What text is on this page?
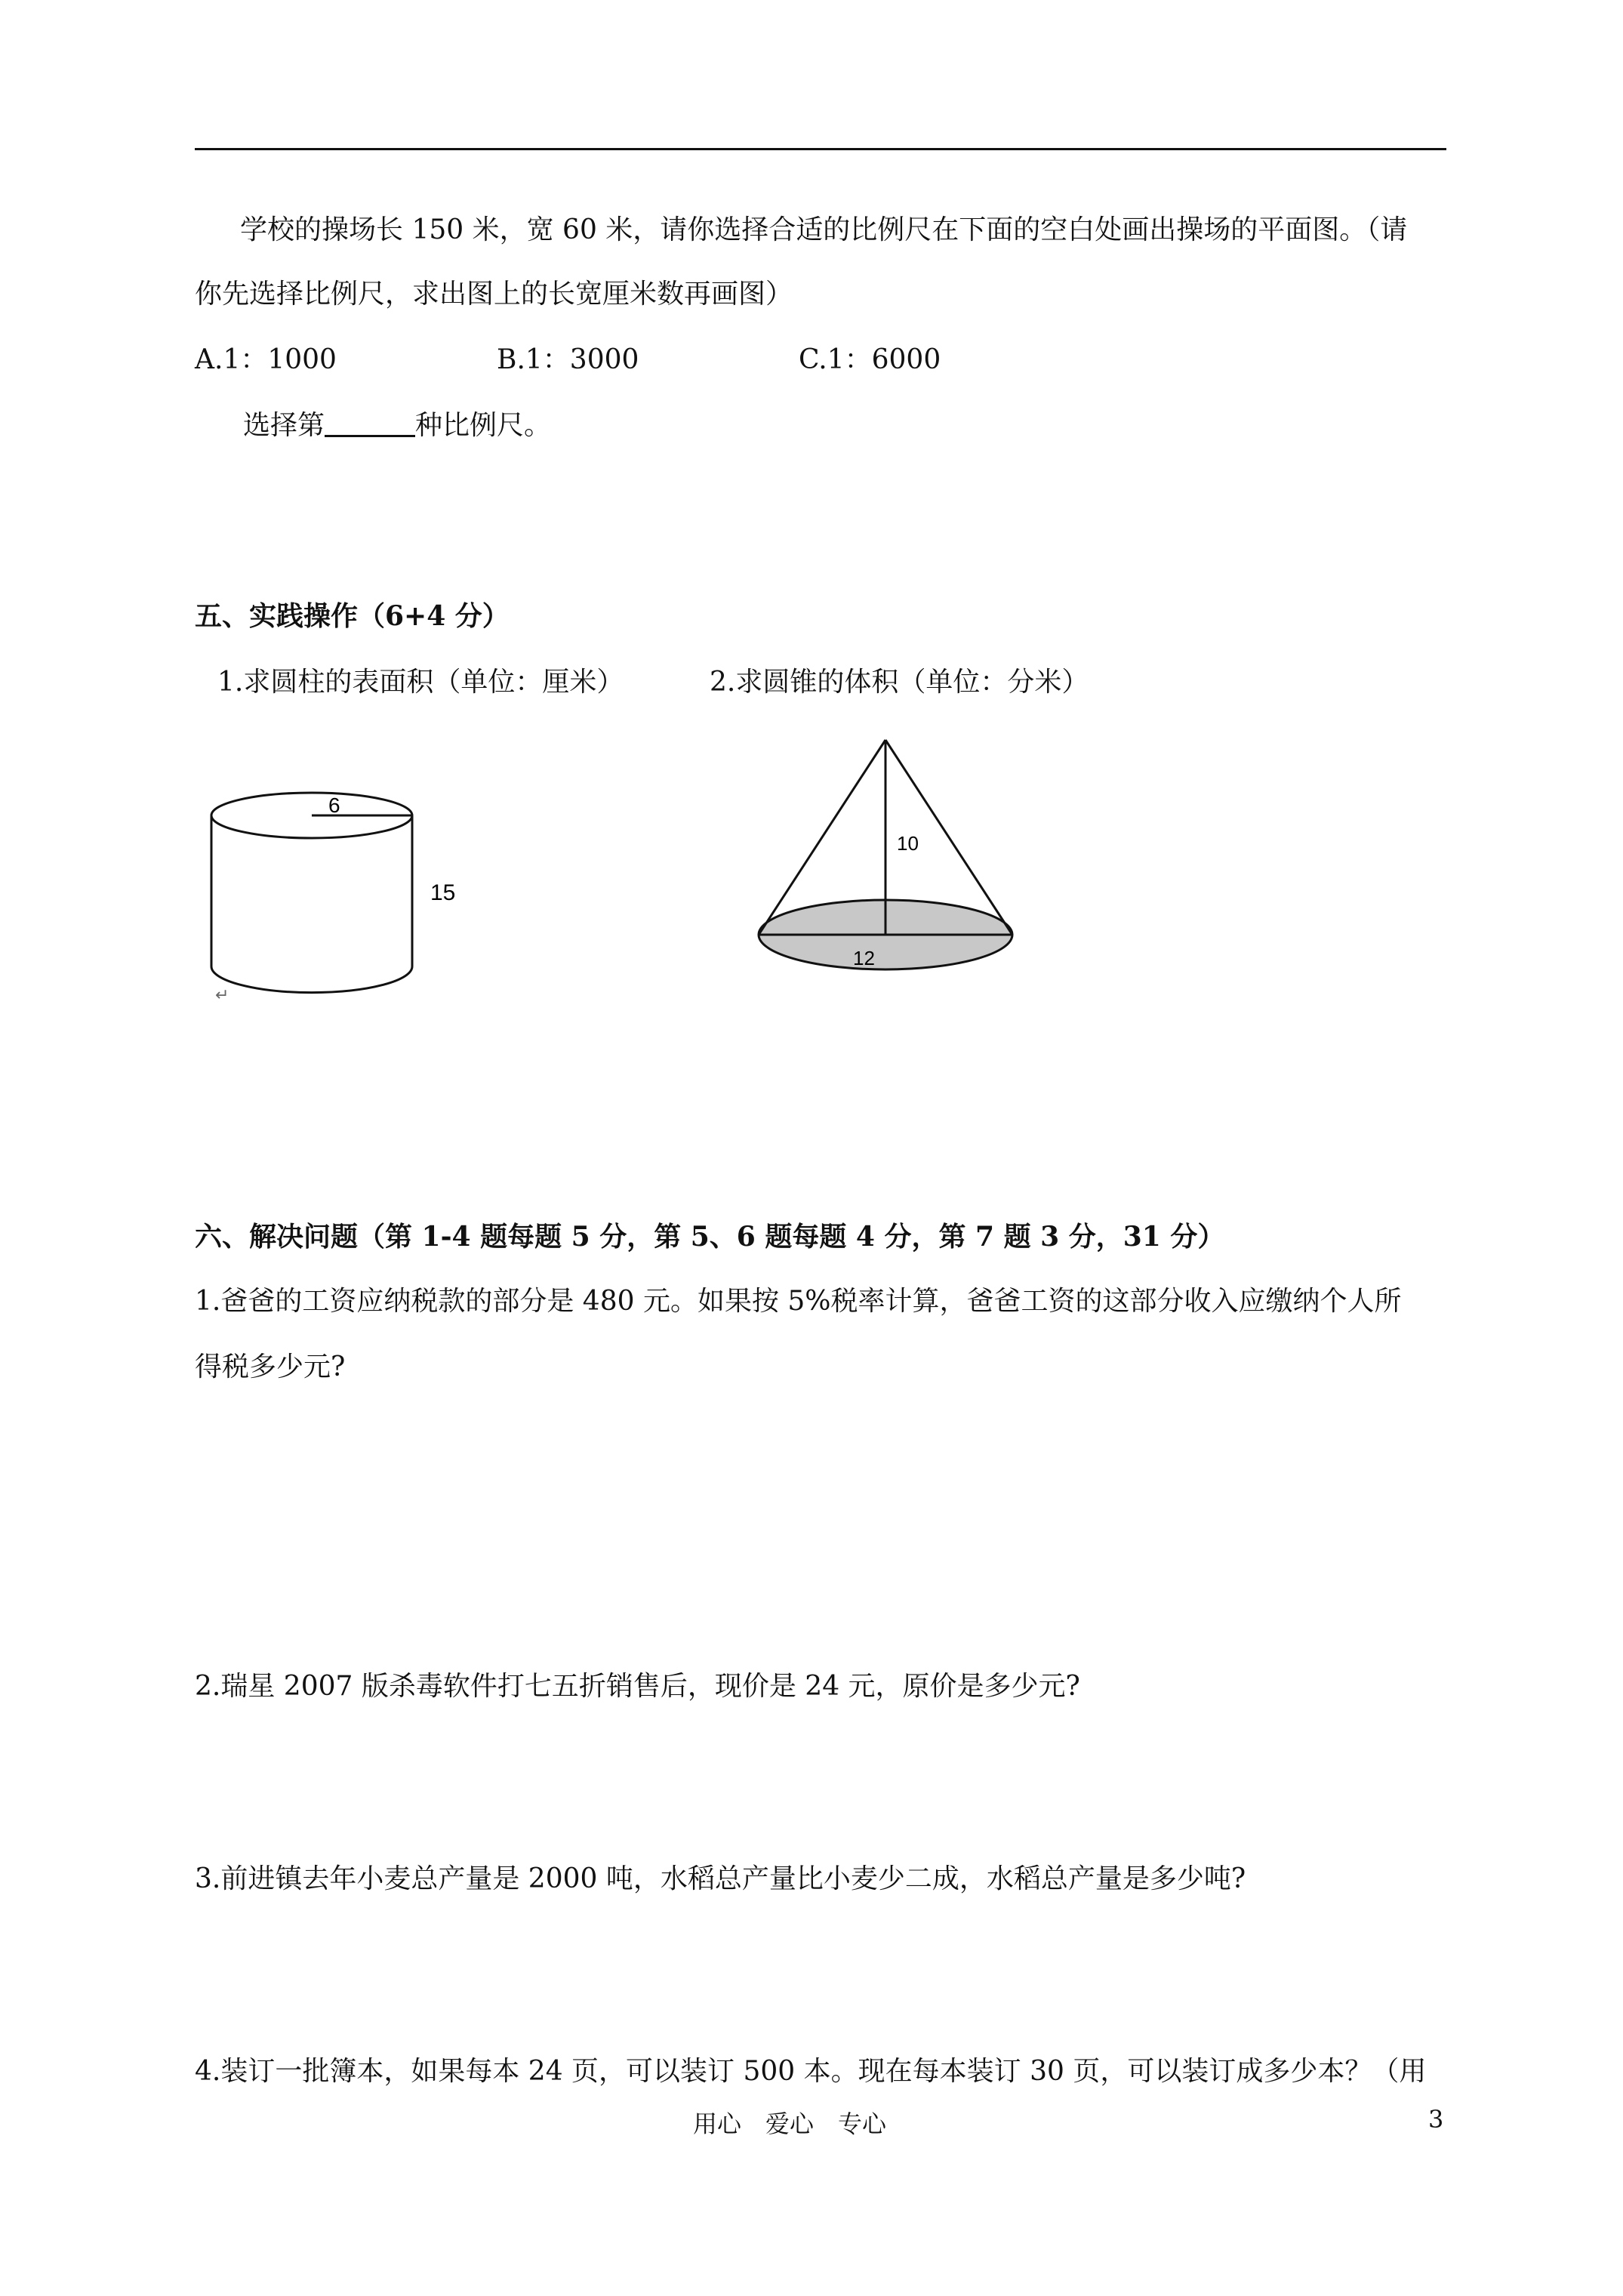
学校的操场长 150 米，宽 60 米，请你选择合适的比例尺在下面的空白处画出操场的平面图。（请
你先选择比例尺，求出图上的长宽厘米数再画图）
A.1：1000	B.1：3000	C.1：6000
选择第	种比例尺。
五、实践操作（6+4 分）
1.求圆柱的表面积（单位：厘米）	2.求圆锥的体积（单位：分米）
6
15
↵
10
12
六、解决问题（第 1-4 题每题 5 分，第 5、6 题每题 4 分，第 7 题 3 分，31 分）
1.爸爸的工资应纳税款的部分是 480 元。如果按 5%税率计算，爸爸工资的这部分收入应缴纳个人所
得税多少元?
2.瑞星 2007 版杀毒软件打七五折销售后，现价是 24 元，原价是多少元?
3.前进镇去年小麦总产量是 2000 吨，水稻总产量比小麦少二成，水稻总产量是多少吨?
4.装订一批簿本，如果每本 24 页，可以装订 500 本。现在每本装订 30 页，可以装订成多少本？（用
用心　爱心　专心	3
